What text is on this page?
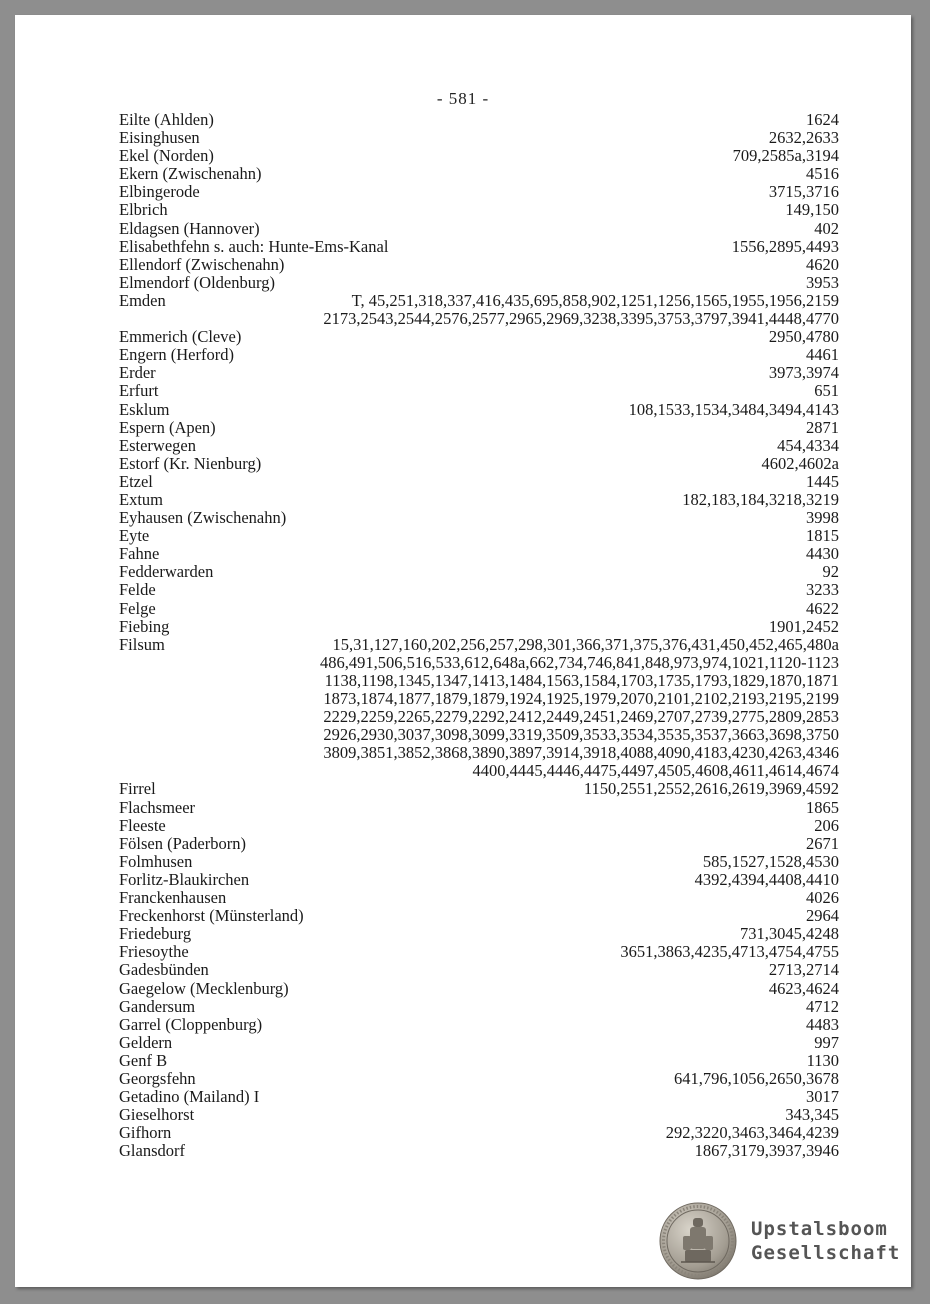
- 581 -
Eilte (Ahlden)	1624
Eisinghusen	2632,2633
Ekel (Norden)	709,2585a,3194
Ekern (Zwischenahn)	4516
Elbingerode	3715,3716
Elbrich	149,150
Eldagsen (Hannover)	402
Elisabethfehn s. auch: Hunte-Ems-Kanal	1556,2895,4493
Ellendorf (Zwischenahn)	4620
Elmendorf (Oldenburg)	3953
Emden	T, 45,251,318,337,416,435,695,858,902,1251,1256,1565,1955,1956,2159
2173,2543,2544,2576,2577,2965,2969,3238,3395,3753,3797,3941,4448,4770
Emmerich (Cleve)	2950,4780
Engern (Herford)	4461
Erder	3973,3974
Erfurt	651
Esklum	108,1533,1534,3484,3494,4143
Espern (Apen)	2871
Esterwegen	454,4334
Estorf (Kr. Nienburg)	4602,4602a
Etzel	1445
Extum	182,183,184,3218,3219
Eyhausen (Zwischenahn)	3998
Eyte	1815
Fahne	4430
Fedderwarden	92
Felde	3233
Felge	4622
Fiebing	1901,2452
Filsum	15,31,127,160,202,256,257,298,301,366,371,375,376,431,450,452,465,480a
486,491,506,516,533,612,648a,662,734,746,841,848,973,974,1021,1120-1123
1138,1198,1345,1347,1413,1484,1563,1584,1703,1735,1793,1829,1870,1871
1873,1874,1877,1879,1879,1924,1925,1979,2070,2101,2102,2193,2195,2199
2229,2259,2265,2279,2292,2412,2449,2451,2469,2707,2739,2775,2809,2853
2926,2930,3037,3098,3099,3319,3509,3533,3534,3535,3537,3663,3698,3750
3809,3851,3852,3868,3890,3897,3914,3918,4088,4090,4183,4230,4263,4346
4400,4445,4446,4475,4497,4505,4608,4611,4614,4674
Firrel	1150,2551,2552,2616,2619,3969,4592
Flachsmeer	1865
Fleeste	206
Fölsen (Paderborn)	2671
Folmhusen	585,1527,1528,4530
Forlitz-Blaukirchen	4392,4394,4408,4410
Franckenhausen	4026
Freckenhorst (Münsterland)	2964
Friedeburg	731,3045,4248
Friesoythe	3651,3863,4235,4713,4754,4755
Gadesbünden	2713,2714
Gaegelow (Mecklenburg)	4623,4624
Gandersum	4712
Garrel (Cloppenburg)	4483
Geldern	997
Genf B	1130
Georgsfehn	641,796,1056,2650,3678
Getadino (Mailand) I	3017
Gieselhorst	343,345
Gifhorn	292,3220,3463,3464,4239
Glansdorf	1867,3179,3937,3946
Upstalsboom
Gesellschaft
